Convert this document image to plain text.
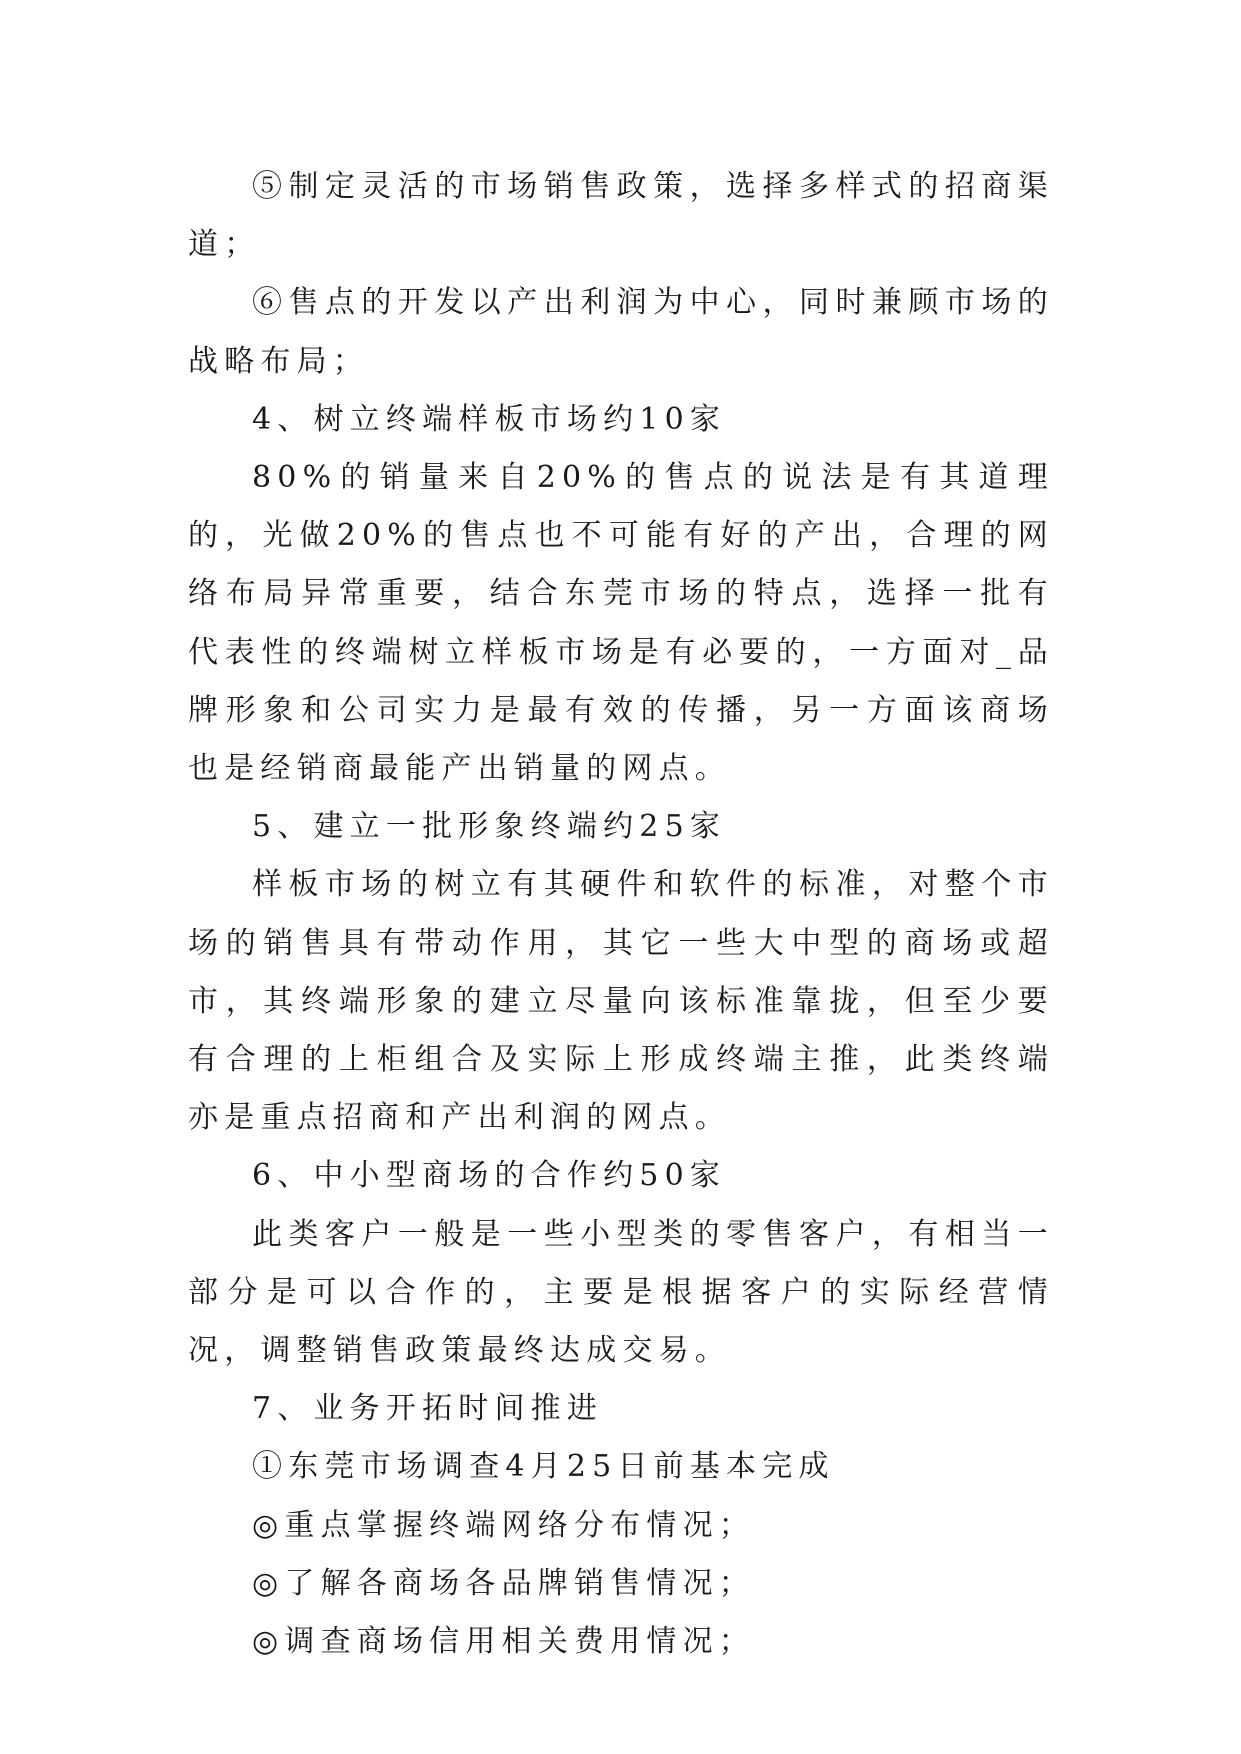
⑤制定灵活的市场销售政策，选择多样式的招商渠道；

⑥售点的开发以产出利润为中心，同时兼顾市场的战略布局；

4、树立终端样板市场约10家

80%的销量来自20%的售点的说法是有其道理的，光做20%的售点也不可能有好的产出，合理的网络布局异常重要，结合东莞市场的特点，选择一批有代表性的终端树立样板市场是有必要的，一方面对_品牌形象和公司实力是最有效的传播，另一方面该商场也是经销商最能产出销量的网点。

5、建立一批形象终端约25家

样板市场的树立有其硬件和软件的标准，对整个市场的销售具有带动作用，其它一些大中型的商场或超市，其终端形象的建立尽量向该标准靠拢，但至少要有合理的上柜组合及实际上形成终端主推，此类终端亦是重点招商和产出利润的网点。

6、中小型商场的合作约50家

此类客户一般是一些小型类的零售客户，有相当一部分是可以合作的，主要是根据客户的实际经营情况，调整销售政策最终达成交易。

7、业务开拓时间推进

①东莞市场调查4月25日前基本完成

◎重点掌握终端网络分布情况；

◎了解各商场各品牌销售情况；

◎调查商场信用相关费用情况；
